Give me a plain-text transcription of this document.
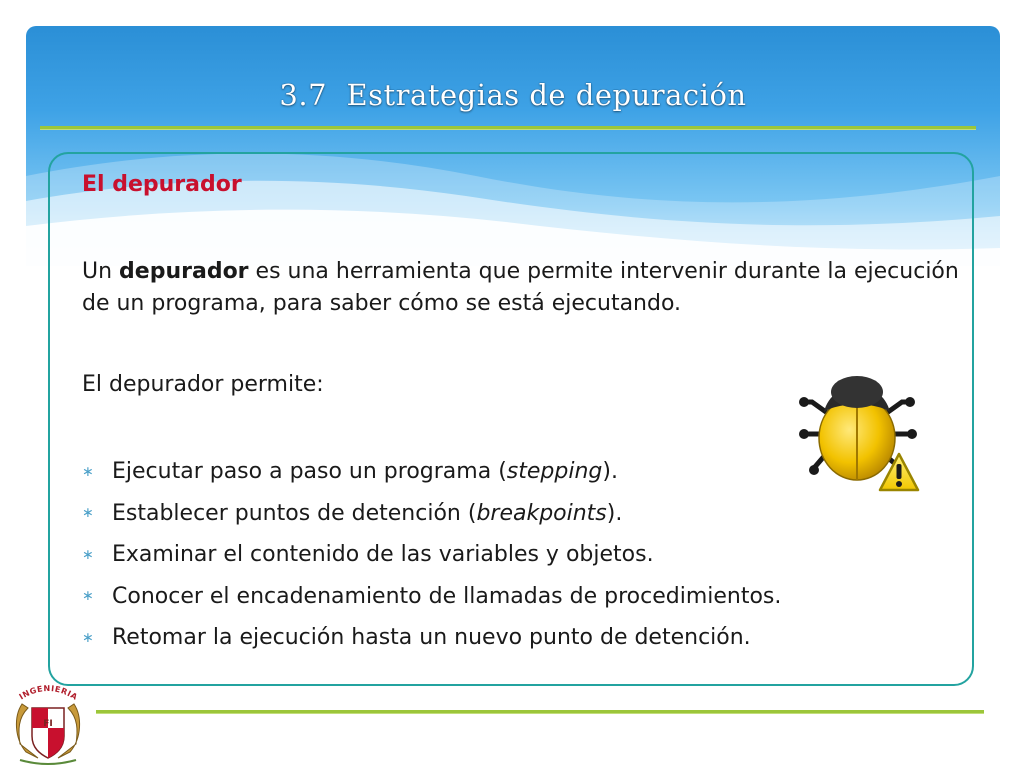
3.7  Estrategias de depuración
El depurador
Un depurador es una herramienta que permite intervenir durante la ejecución de un programa, para saber cómo se está ejecutando.
El depurador permite:
∗ Ejecutar paso a paso un programa (stepping).
∗ Establecer puntos de detención (breakpoints).
∗ Examinar el contenido de las variables y objetos.
∗ Conocer el encadenamiento de llamadas de procedimientos.
∗ Retomar la ejecución hasta un nuevo punto de detención.
INGENIERIA
FI
